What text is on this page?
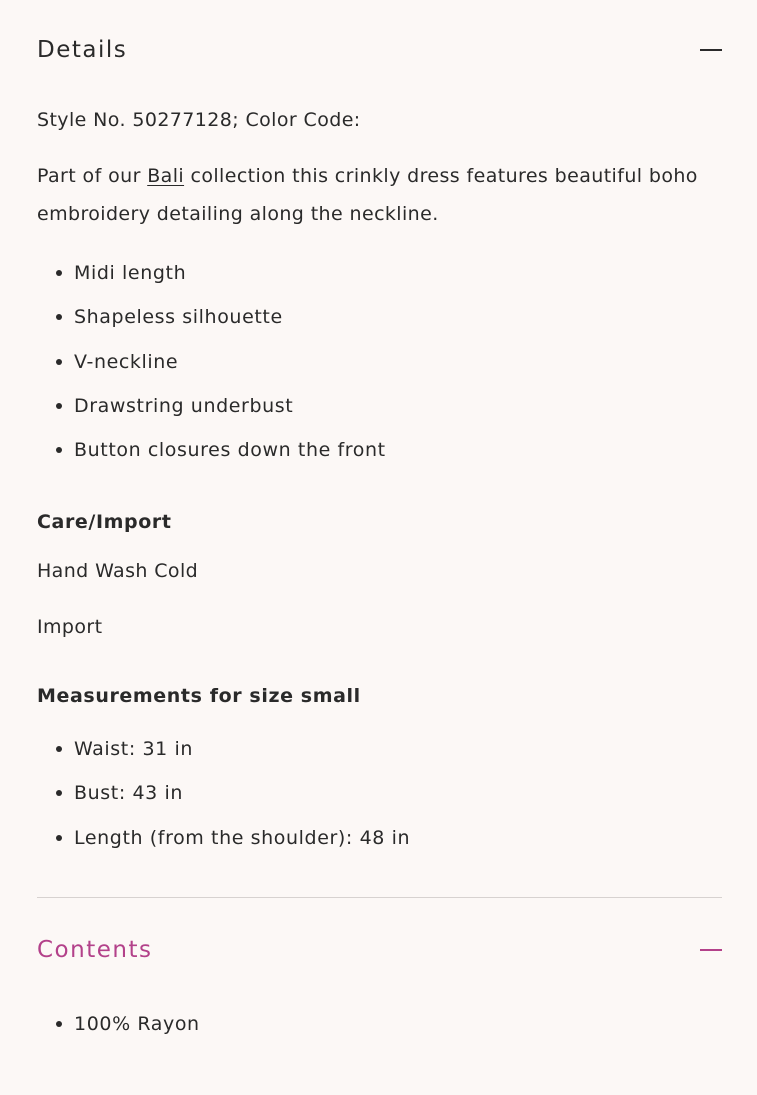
Details

Style No. 50277128; Color Code:

Part of our Bali collection this crinkly dress features beautiful boho embroidery detailing along the neckline.

Midi length
Shapeless silhouette
V-neckline
Drawstring underbust
Button closures down the front
Care/Import

Hand Wash Cold

Import

Measurements for size small
Waist: 31 in
Bust: 43 in
Length (from the shoulder): 48 in
Contents
100% Rayon
